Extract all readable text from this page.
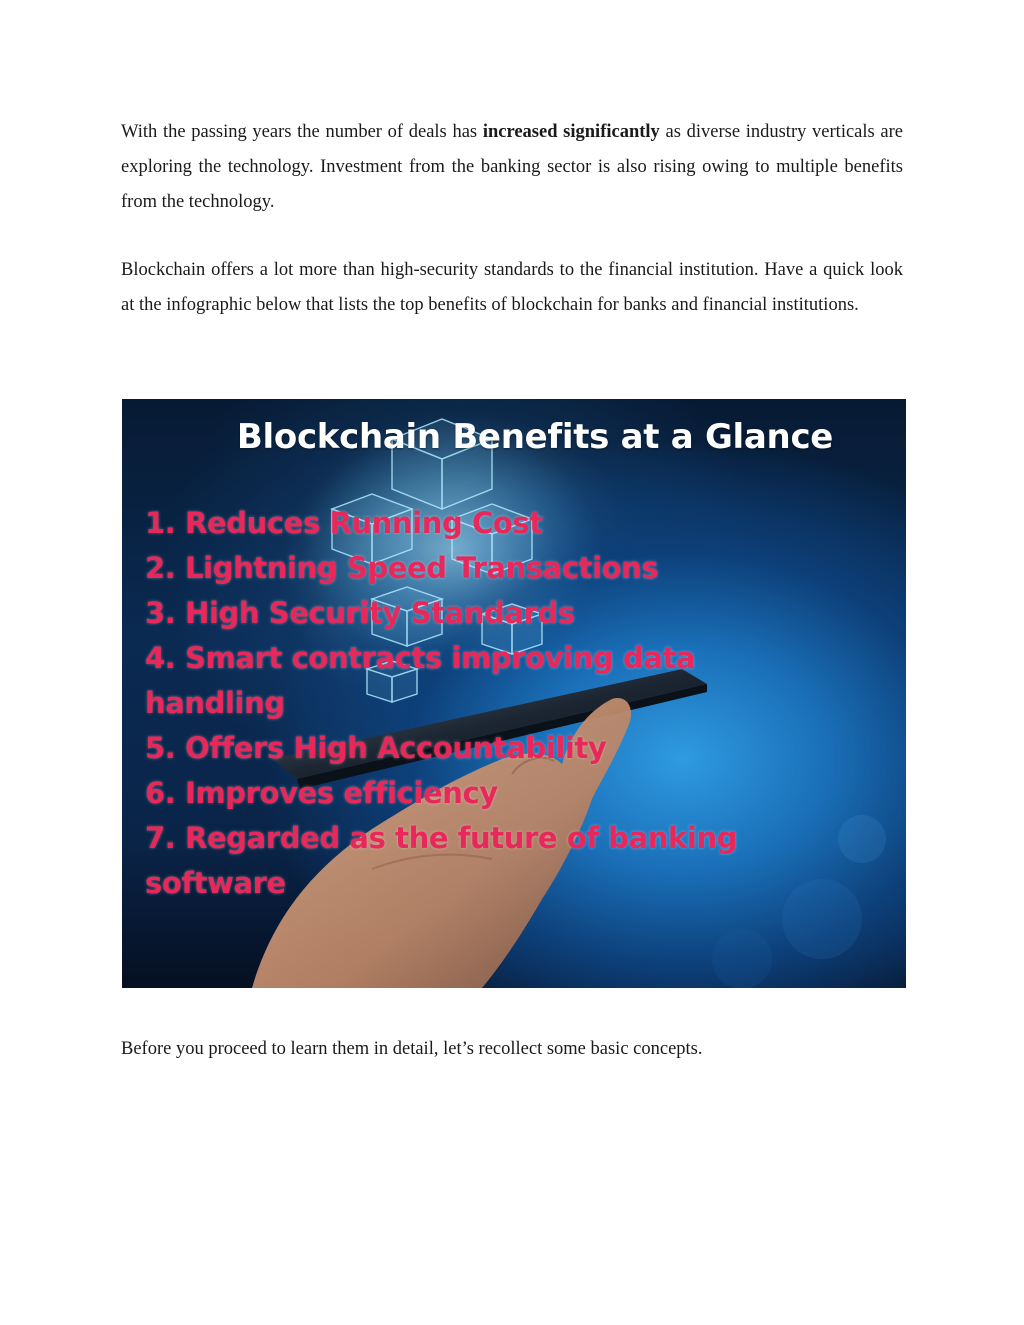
With the passing years the number of deals has increased significantly as diverse industry verticals are exploring the technology. Investment from the banking sector is also rising owing to multiple benefits from the technology.

Blockchain offers a lot more than high-security standards to the financial institution. Have a quick look at the infographic below that lists the top benefits of blockchain for banks and financial institutions.

Blockchain Benefits at a Glance
1. Reduces Running Cost
2. Lightning Speed Transactions
3. High Security Standards
4. Smart contracts improving data
handling
5. Offers High Accountability
6. Improves efficiency
7. Regarded as the future of banking
software

Before you proceed to learn them in detail, let’s recollect some basic concepts.
